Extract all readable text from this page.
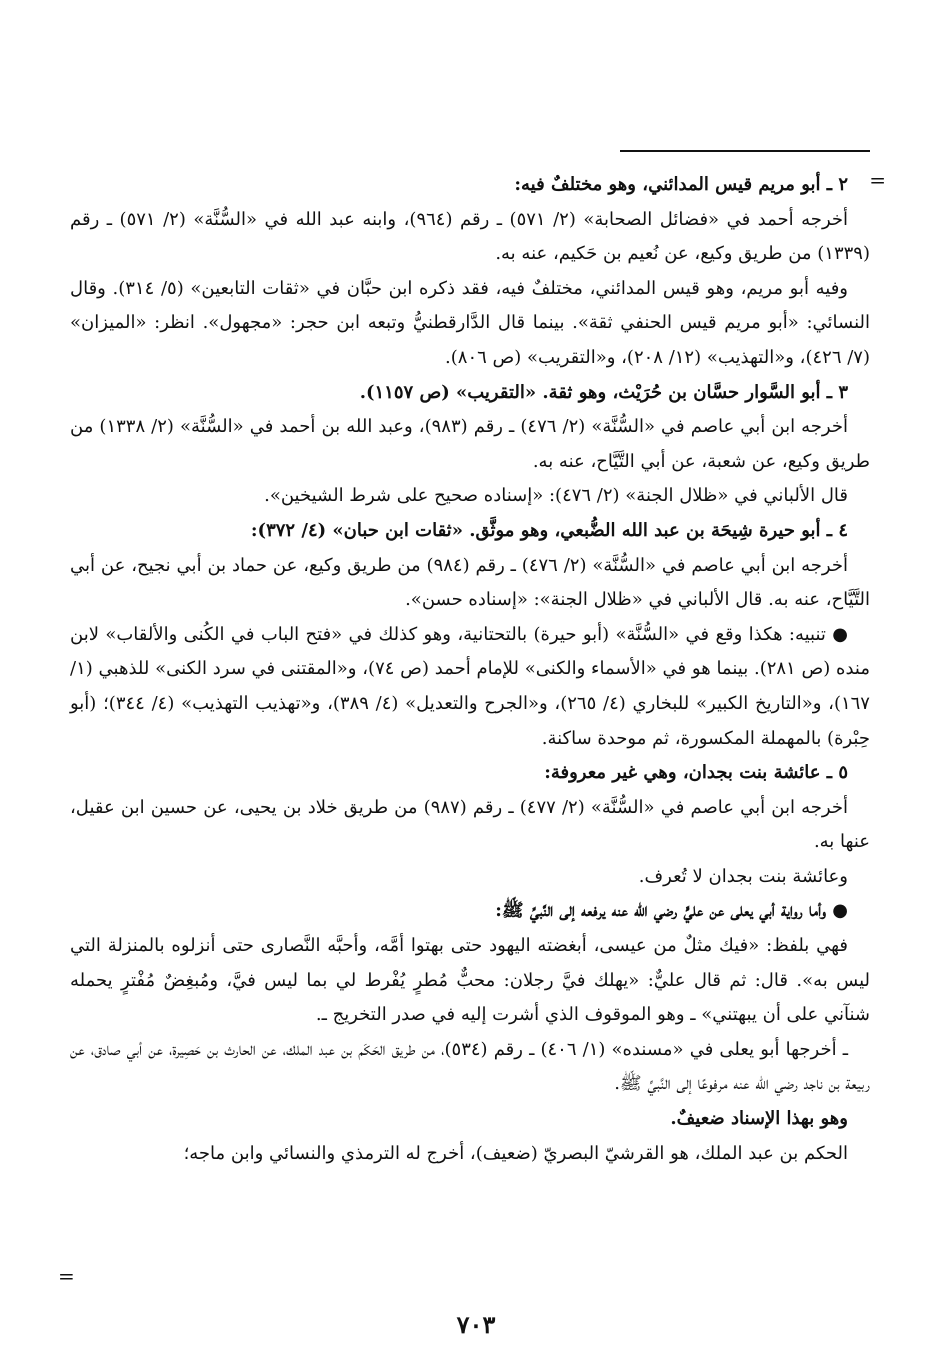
=

٢ ـ أبو مريم قيس المدائني، وهو مختلفٌ فيه:

أخرجه أحمد في «فضائل الصحابة» (٢/ ٥٧١) ـ رقم (٩٦٤)، وابنه عبد الله في «السُّنَّة» (٢/ ٥٧١) ـ رقم (١٣٣٩) من طريق وكيع، عن نُعيم بن حَكيم، عنه به.

وفيه أبو مريم، وهو قيس المدائني، مختلفٌ فيه، فقد ذكره ابن حبَّان في «ثقات التابعين» (٥/ ٣١٤). وقال النسائي: «أبو مريم قيس الحنفي ثقة». بينما قال الدَّارقطنيُّ وتبعه ابن حجر: «مجهول». انظر: «الميزان» (٧/ ٤٢٦)، و«التهذيب» (١٢/ ٢٠٨)، و«التقريب» (ص ٨٠٦).

٣ ـ أبو السَّوار حسَّان بن حُرَيْث، وهو ثقة. «التقريب» (ص ١١٥٧).

أخرجه ابن أبي عاصم في «السُّنَّة» (٢/ ٤٧٦) ـ رقم (٩٨٣)، وعبد الله بن أحمد في «السُّنَّة» (٢/ ١٣٣٨) من طريق وكيع، عن شعبة، عن أبي التَّيَّاح، عنه به.

قال الألباني في «ظلال الجنة» (٢/ ٤٧٦): «إسناده صحيح على شرط الشيخين».

٤ ـ أبو حيرة شِيحَة بن عبد الله الضُّبعي، وهو موثَّق. «ثقات ابن حبان» (٤/ ٣٧٢):

أخرجه ابن أبي عاصم في «السُّنَّة» (٢/ ٤٧٦) ـ رقم (٩٨٤) من طريق وكيع، عن حماد بن أبي نجيح، عن أبي التَّيَّاح، عنه به. قال الألباني في «ظلال الجنة»: «إسناده حسن».

● تنبيه: هكذا وقع في «السُّنَّة» (أبو حيرة) بالتحتانية، وهو كذلك في «فتح الباب في الكُنى والألقاب» لابن منده (ص ٢٨١). بينما هو في «الأسماء والكنى» للإمام أحمد (ص ٧٤)، و«المقتنى في سرد الكنى» للذهبي (١/ ١٦٧)، و«التاريخ الكبير» للبخاري (٤/ ٢٦٥)، و«الجرح والتعديل» (٤/ ٣٨٩)، و«تهذيب التهذيب» (٤/ ٣٤٤)؛ (أبو حِبْرة) بالمهملة المكسورة، ثم موحدة ساكنة.

٥ ـ عائشة بنت بجدان، وهي غير معروفة:

أخرجه ابن أبي عاصم في «السُّنَّة» (٢/ ٤٧٧) ـ رقم (٩٨٧) من طريق خلاد بن يحيى، عن حسين ابن عقيل، عنها به.

وعائشة بنت بجدان لا تُعرف.

● وأما رواية أبي يعلى عن عليٍّ رضي الله عنه يرفعه إلى النَّبيِّ ﷺ:

فهي بلفظ: «فيك مثلٌ من عيسى، أبغضته اليهود حتى بهتوا أمَّه، وأحبَّه النَّصارى حتى أنزلوه بالمنزلة التي ليس به». قال: ثم قال عليٌّ: «يهلك فيَّ رجلان: محبٌّ مُطرٍ يُفْرط لي بما ليس فيَّ، ومُبغِضٌ مُفْترٍ يحمله شنآني على أن يبهتني» ـ وهو الموقوف الذي أشرت إليه في صدر التخريج ـ.

ـ أخرجها أبو يعلى في «مسنده» (١/ ٤٠٦) ـ رقم (٥٣٤)، من طريق الحَكَم بن عبد الملك، عن الحارث بن حَصِيرة، عن أبي صادق، عن ربيعة بن ناجد رضي الله عنه مرفوعًا إلى النَّبيِّ ﷺ.

وهو بهذا الإسناد ضعيفٌ.

الحكم بن عبد الملك، هو القرشيّ البصريّ (ضعيف)، أخرج له الترمذي والنسائي وابن ماجه؛

=
٧٠٣
